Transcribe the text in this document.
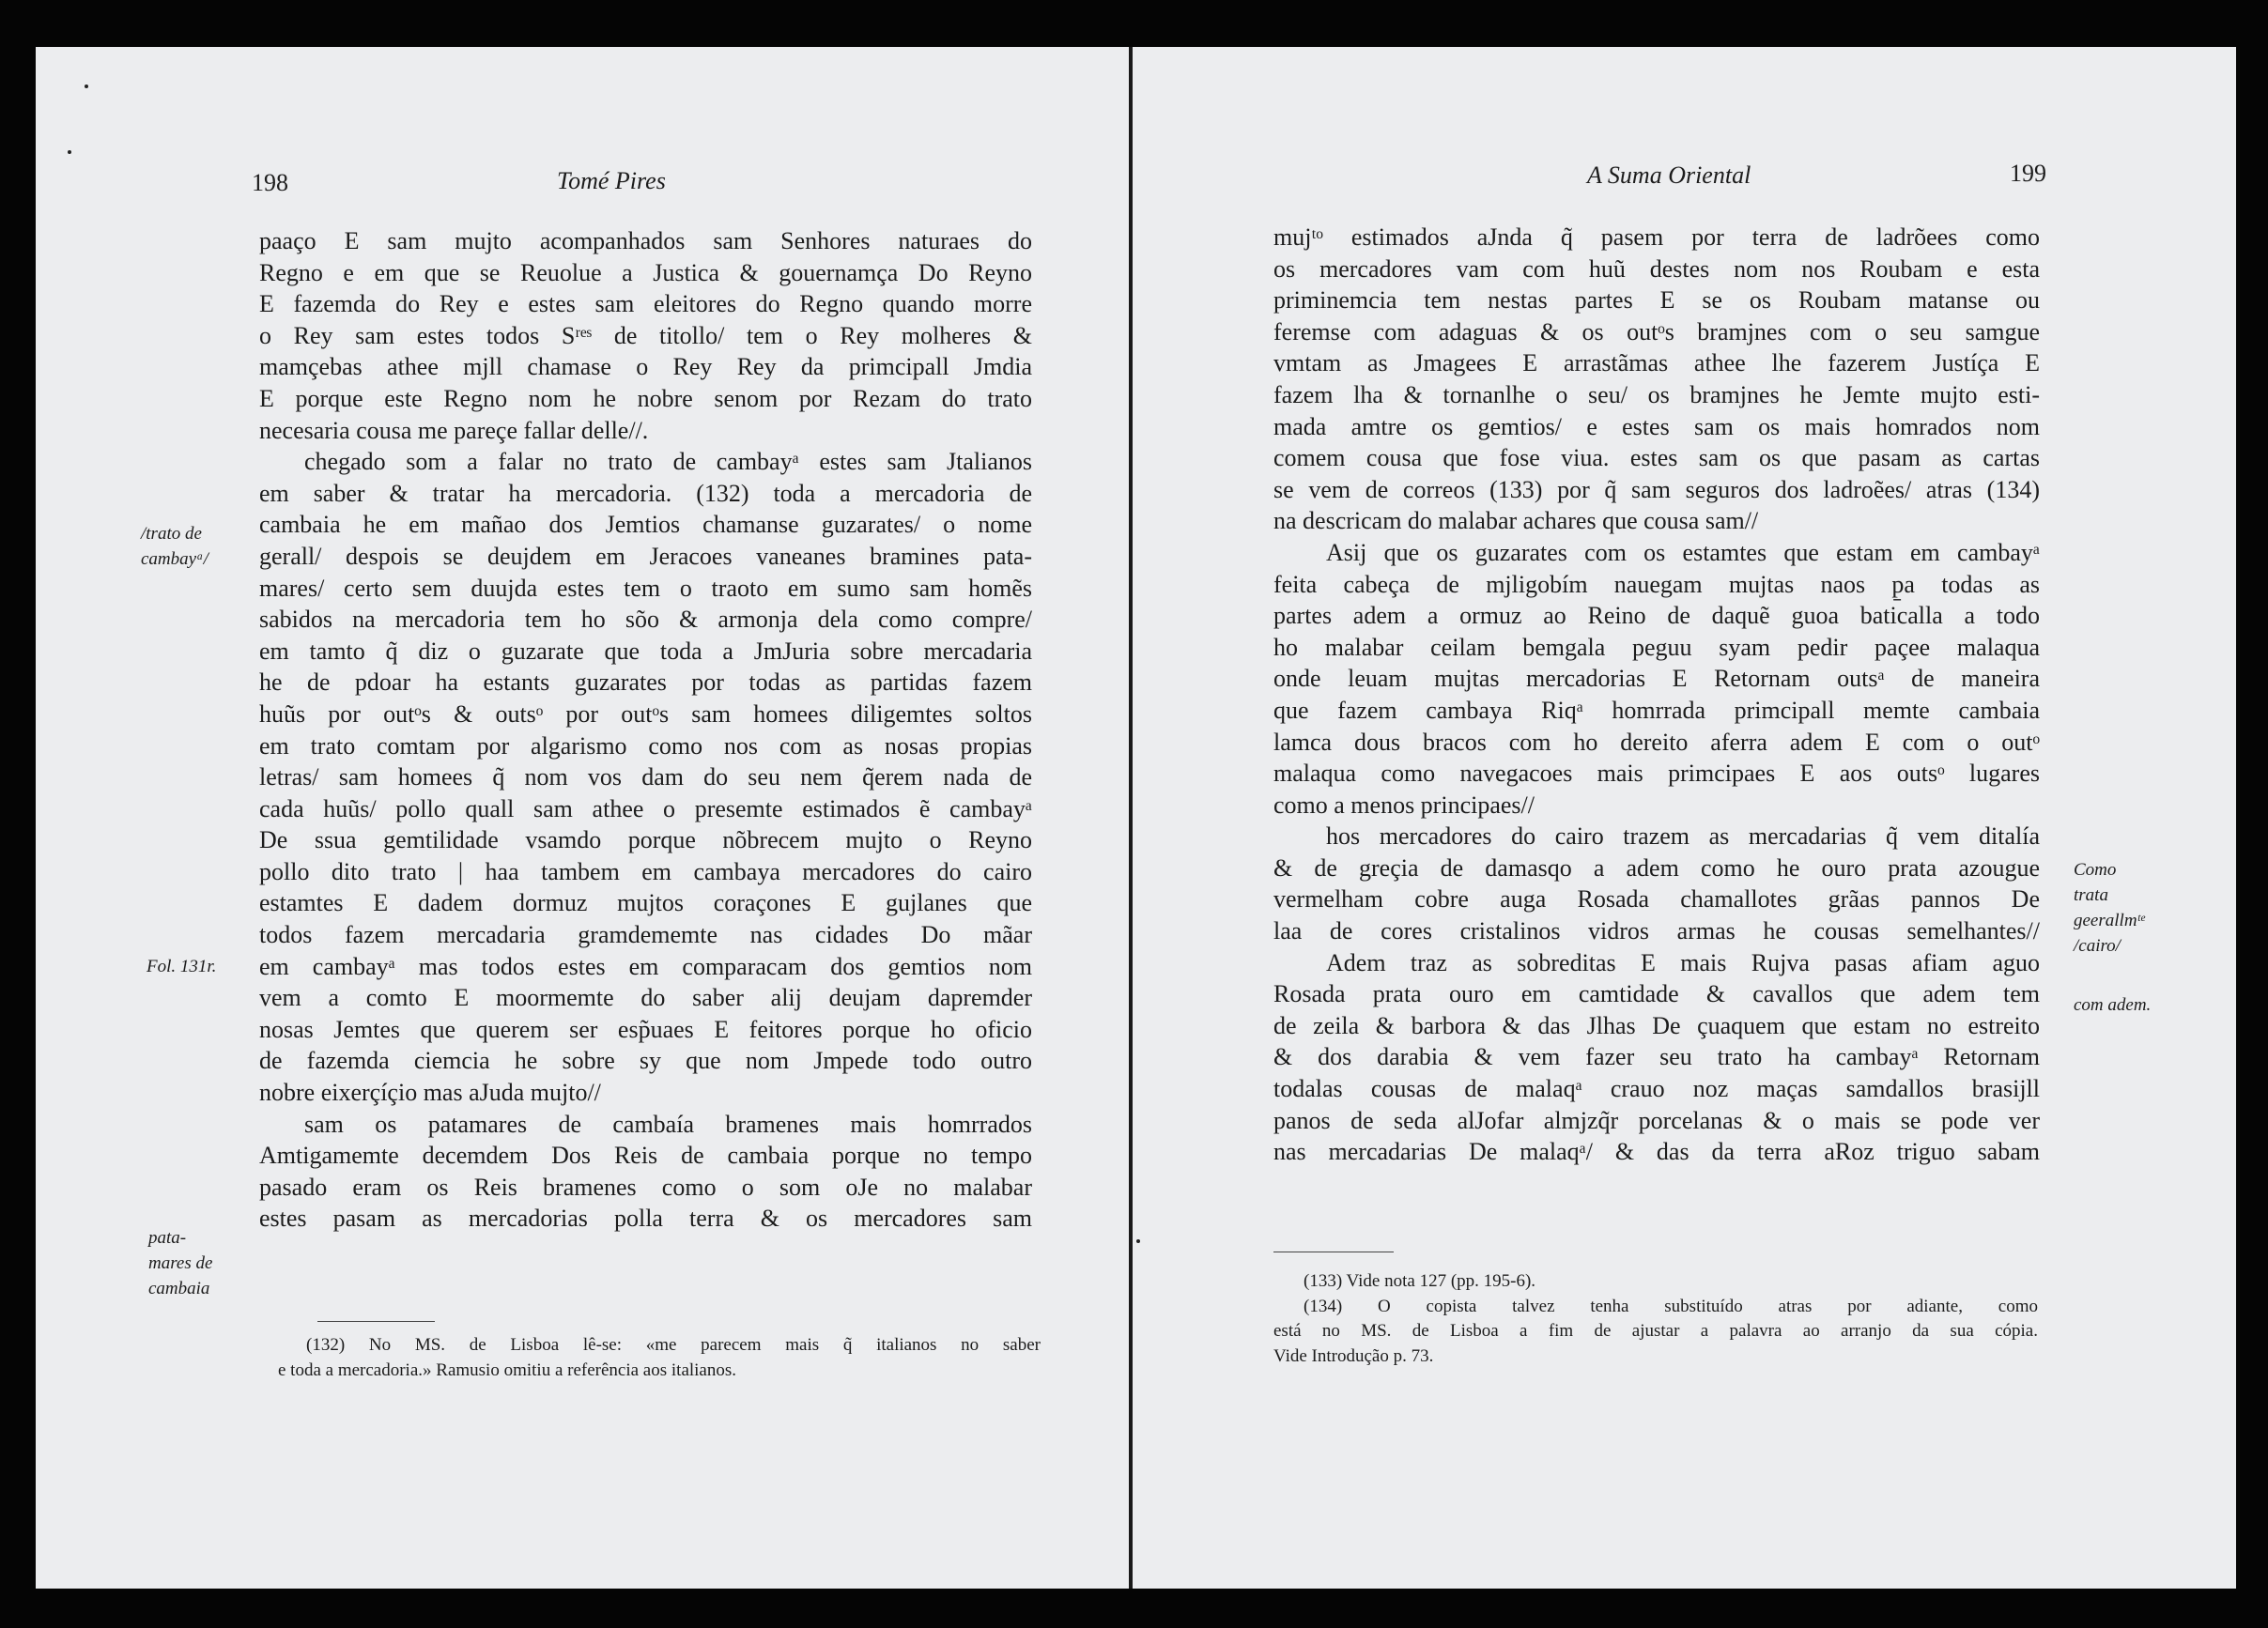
198	Tomé Pires
paaço E sam mujto acompanhados sam Senhores naturaes do
Regno e em que se Reuolue a Justica & gouernamça Do Reyno
E fazemda do Rey e estes sam eleitores do Regno quando morre
o Rey sam estes todos Sʳᵉˢ de titollo/ tem o Rey molheres &
mamçebas athee mjll chamase o Rey Rey da primcipall Jmdia
E porque este Regno nom he nobre senom por Rezam do trato
necesaria cousa me pareçe fallar delle//.
chegado som a falar no trato de cambayᵃ estes sam Jtalianos
em saber & tratar ha mercadoria. (132) toda a mercadoria de
cambaia he em mañao dos Jemtios chamanse guzarates/ o nome
gerall/ despois se deujdem em Jeracoes vaneanes bramines pata-
mares/ certo sem duujda estes tem o traoto em sumo sam homẽs
sabidos na mercadoria tem ho sõo & armonja dela como compre/
em tamto q̃ diz o guzarate que toda a JmJuria sobre mercadaria
he de pdoar ha estants guzarates por todas as partidas fazem
huũs por outᵒs & outsᵒ por outᵒs sam homees diligemtes soltos
em trato comtam por algarismo como nos com as nosas propias
letras/ sam homees q̃ nom vos dam do seu nem q̃erem nada de
cada huũs/ pollo quall sam athee o presemte estimados ẽ cambayᵃ
De ssua gemtilidade vsamdo porque nõbrecem mujto o Reyno
pollo dito trato | haa tambem em cambaya mercadores do cairo
estamtes E dadem dormuz mujtos coraçones E gujlanes que
todos fazem mercadaria gramdememte nas cidades Do mãar
em cambayᵃ mas todos estes em comparacam dos gemtios nom
vem a comto E moormemte do saber alij deujam dapremder
nosas Jemtes que querem ser esp̃uaes E feitores porque ho oficio
de fazemda ciemcia he sobre sy que nom Jmpede todo outro
nobre eixerçíçio mas aJuda mujto//
sam os patamares de cambaía bramenes mais homrrados
Amtigamemte decemdem Dos Reis de cambaia porque no tempo
pasado eram os Reis bramenes como o som oJe no malabar
estes pasam as mercadorias polla terra & os mercadores sam
/trato de
cambayᵃ/
Fol. 131r.
pata-
mares de
cambaia
(132) No MS. de Lisboa lê-se: «me parecem mais q̃ italianos no saber
e toda a mercadoria.» Ramusio omitiu a referência aos italianos.
A Suma Oriental	199
mujᵗᵒ estimados aJnda q̃ pasem por terra de ladrõees como
os mercadores vam com huũ destes nom nos Roubam e esta
priminemcia tem nestas partes E se os Roubam matanse ou
feremse com adaguas & os outᵒs bramjnes com o seu samgue
vmtam as Jmagees E arrastãmas athee lhe fazerem Justíça E
fazem lha & tornanlhe o seu/ os bramjnes he Jemte mujto esti-
mada amtre os gemtios/ e estes sam os mais homrados nom
comem cousa que fose viua. estes sam os que pasam as cartas
se vem de correos (133) por q̃ sam seguros dos ladroẽes/ atras (134)
na descricam do malabar achares que cousa sam//
Asij que os guzarates com os estamtes que estam em cambayᵃ
feita cabeça de mjligobím nauegam mujtas naos p̱a todas as
partes adem a ormuz ao Reino de daquẽ guoa baticalla a todo
ho malabar ceilam bemgala peguu syam pedir paçee malaqua
onde leuam mujtas mercadorias E Retornam outsᵃ de maneira
que fazem cambaya Riqᵃ homrrada primcipall memte cambaia
lamca dous bracos com ho dereito aferra adem E com o outᵒ
malaqua como navegacoes mais primcipaes E aos outsᵒ lugares
como a menos principaes//
hos mercadores do cairo trazem as mercadarias q̃ vem ditalía
& de greçia de damasqo a adem como he ouro prata azougue
vermelham cobre auga Rosada chamallotes grãas pannos De
laa de cores cristalinos vidros armas he cousas semelhantes//
Adem traz as sobreditas E mais Rujva pasas afiam aguo
Rosada prata ouro em camtidade & cavallos que adem tem
de zeila & barbora & das Jlhas De çuaquem que estam no estreito
& dos darabia & vem fazer seu trato ha cambayᵃ Retornam
todalas cousas de malaqᵃ crauo noz maças samdallos brasijll
panos de seda alJofar almjzq̃r porcelanas & o mais se pode ver
nas mercadarias De malaqᵃ/ & das da terra aRoz triguo sabam
Como
trata
geerallmᵗᵉ
/cairo/
com adem.
(133) Vide nota 127 (pp. 195-6).
(134) O copista talvez tenha substituído atras por adiante, como
está no MS. de Lisboa a fim de ajustar a palavra ao arranjo da sua cópia.
Vide Introdução p. 73.
